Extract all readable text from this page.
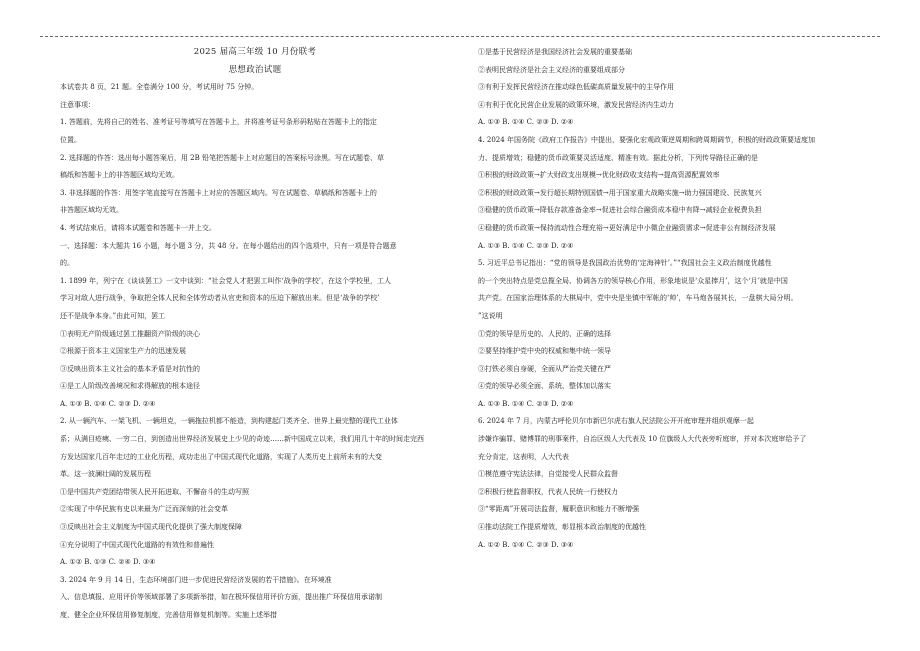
2025 届高三年级 10 月份联考
思想政治试题
本试卷共 8 页，21 题。全卷满分 100 分，考试用时 75 分钟。
注意事项：
1. 答题前，先将自己的姓名、准考证号等填写在答题卡上，并将准考证号条形码粘贴在答题卡上的指定
位置。
2. 选择题的作答：选出每小题答案后，用 2B 铅笔把答题卡上对应题目的答案标号涂黑。写在试题卷、草
稿纸和答题卡上的非答题区域均无效。
3. 非选择题的作答：用签字笔直接写在答题卡上对应的答题区域内。写在试题卷、草稿纸和答题卡上的
非答题区域均无效。
4. 考试结束后，请将本试题卷和答题卡一并上交。
一、选择题：本大题共 16 小题，每小题 3 分，共 48 分。在每小题给出的四个选项中，只有一项是符合题意
的。
1. 1899 年，列宁在《谈谈罢工》一文中谈到：“社会党人才把罢工叫作‘战争的学校’，在这个学校里，工人
学习对敌人进行战争，争取把全体人民和全体劳动者从官吏和资本的压迫下解放出来。但是‘战争的学校’
还不是战争本身。”由此可知，罢工
①表明无产阶级通过罢工推翻资产阶级的决心
②根源于资本主义国家生产力的迅速发展
③反映出资本主义社会的基本矛盾是对抗性的
④是工人阶级改善境况和求得解放的根本途径
A. ①③ B. ①④ C. ②③ D. ②④
2. 从一辆汽车、一架飞机、一辆坦克，一辆拖拉机都不能造，到构建起门类齐全、世界上最完整的现代工业体
系；从满目疮痍、一穷二白，到创造出世界经济发展史上少见的奇迹……新中国成立以来，我们用几十年的时间走完西
方发达国家几百年走过的工业化历程，成功走出了中国式现代化道路，实现了人类历史上前所未有的大变
革。这一波澜壮阔的发展历程
①是中国共产党团结带领人民开拓进取、不懈奋斗的生动写照
②实现了中华民族有史以来最为广泛而深刻的社会变革
③反映出社会主义制度为中国式现代化提供了强大制度保障
④充分说明了中国式现代化道路的有效性和普遍性
A. ①② B. ①③ C. ②④ D. ③④
3. 2024 年 9 月 14 日，生态环境部门进一步促进民营经济发展的若干措施》。在环境准
入、信息填报、应用评价等领域部署了多项新举措，如在极环保信用评价方面，提出推广环保信用承诺制
度，健全企业环保信用修复制度，完善信用修复机制等。实施上述举措
①是基于民营经济是我国经济社会发展的重要基础
②表明民营经济是社会主义经济的重要组成部分
③有利于发挥民营经济在推动绿色低碳高质量发展中的主导作用
④有利于优化民营企业发展的政策环境，激发民营经济内生动力
A. ①③ B. ①④ C. ②③ D. ②④
4. 2024 年国务院《政府工作报告》中提出，要强化宏观政策逆周期和跨周期调节，积极的财政政策要适度加
力、提质增效；稳健的货币政策要灵活适度、精准有效。据此分析，下列传导路径正确的是
①积极的财政政策→扩大财政支出规模→优化财政收支结构→提高资源配置效率
②积极的财政政策→发行超长期特别国债→用于国家重大战略实施→助力强国建设、民族复兴
③稳健的货币政策→降低存款准备金率→促进社会综合融资成本稳中有降→减轻企业税费负担
④稳健的货币政策→保持流动性合理充裕→更好满足中小微企业融资需求→促进非公有制经济发展
A. ①③ B. ①④ C. ②③ D. ②④
5. 习近平总书记指出：“党的领导是我国政治优势的‘定海神针’。”“我国社会主义政治制度优越性
的一个突出特点是党总揽全局、协调各方的领导核心作用，形象地说是‘众星捧月’，这个‘月’就是中国
共产党。在国家治理体系的大棋局中，党中央是坐镇中军帐的‘帅’，车马炮各展其长，一盘棋大局分明。
”这说明
①党的领导是历史的、人民的、正确的选择
②要坚持维护党中央的权威和集中统一领导
③打铁必须自身硬，全面从严治党关键在严
④党的领导必须全面、系统、整体加以落实
A. ①③ B. ①④ C. ②③ D. ②④
6. 2024 年 7 月，内蒙古呼伦贝尔市新巴尔虎右旗人民法院公开开庭审理并组织观摩一起
涉嫌诈骗罪、赌博罪的刑事案件，自治区级人大代表及 10 位旗级人大代表旁听庭审，并对本次庭审给予了
充分肯定，这表明，人大代表
①模范遵守宪法法律，自觉接受人民群众监督
②积极行使监督职权，代表人民统一行使权力
③“零距离”开展司法监督，履职意识和能力不断增强
④推动法院工作提质增效，彰显根本政治制度的优越性
A. ①② B. ①④ C. ②③ D. ③④
